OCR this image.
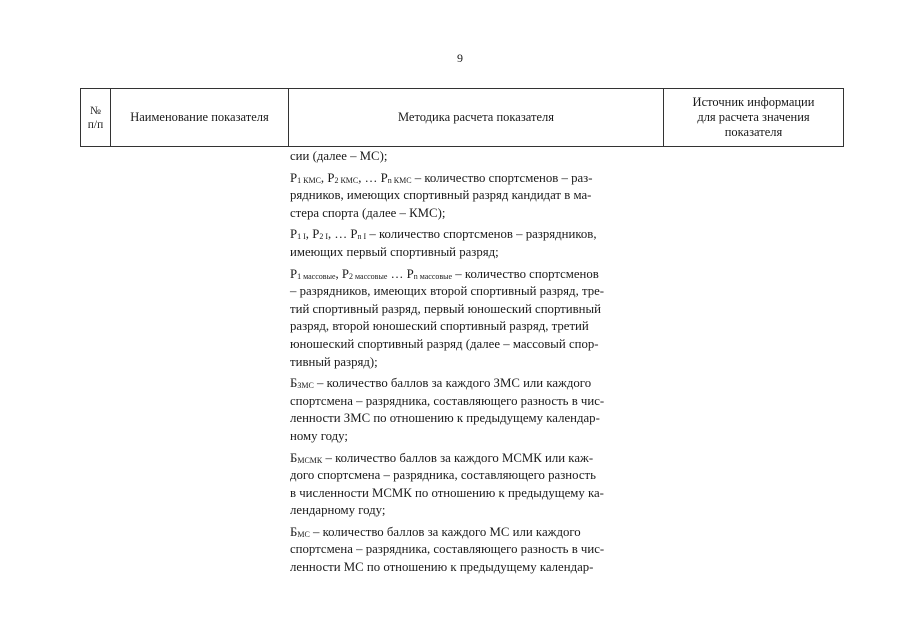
9
№
п/п
Наименование показателя	Методика расчета показателя
Источник информации
для расчета значения
показателя
сии (далее – МС);
$Р_{1 КМС}$, $Р_{2 КМС}$, … $Р_{n КМС}$ – количество спортсменов – раз-
рядников, имеющих спортивный разряд кандидат в ма-
стера спорта (далее – КМС);
$Р_{1 I}$, $Р_{2 I}$, … $Р_{n I}$ – количество спортсменов – разрядников,
имеющих первый спортивный разряд;
$Р_{1 массовые}$, $Р_{2 массовые}$ … $Р_{n массовые}$ – количество спортсменов
– разрядников, имеющих второй спортивный разряд, тре-
тий спортивный разряд, первый юношеский спортивный
разряд, второй юношеский спортивный разряд, третий
юношеский спортивный разряд (далее – массовый спор-
тивный разряд);
$Б_{ЗМС}$ – количество баллов за каждого ЗМС или каждого
спортсмена – разрядника, составляющего разность в чис-
ленности ЗМС по отношению к предыдущему календар-
ному году;
$Б_{МСМК}$ – количество баллов за каждого МСМК или каж-
дого спортсмена – разрядника, составляющего разность
в численности МСМК по отношению к предыдущему ка-
лендарному году;
$Б_{МС}$ – количество баллов за каждого МС или каждого
спортсмена – разрядника, составляющего разность в чис-
ленности МС по отношению к предыдущему календар-
